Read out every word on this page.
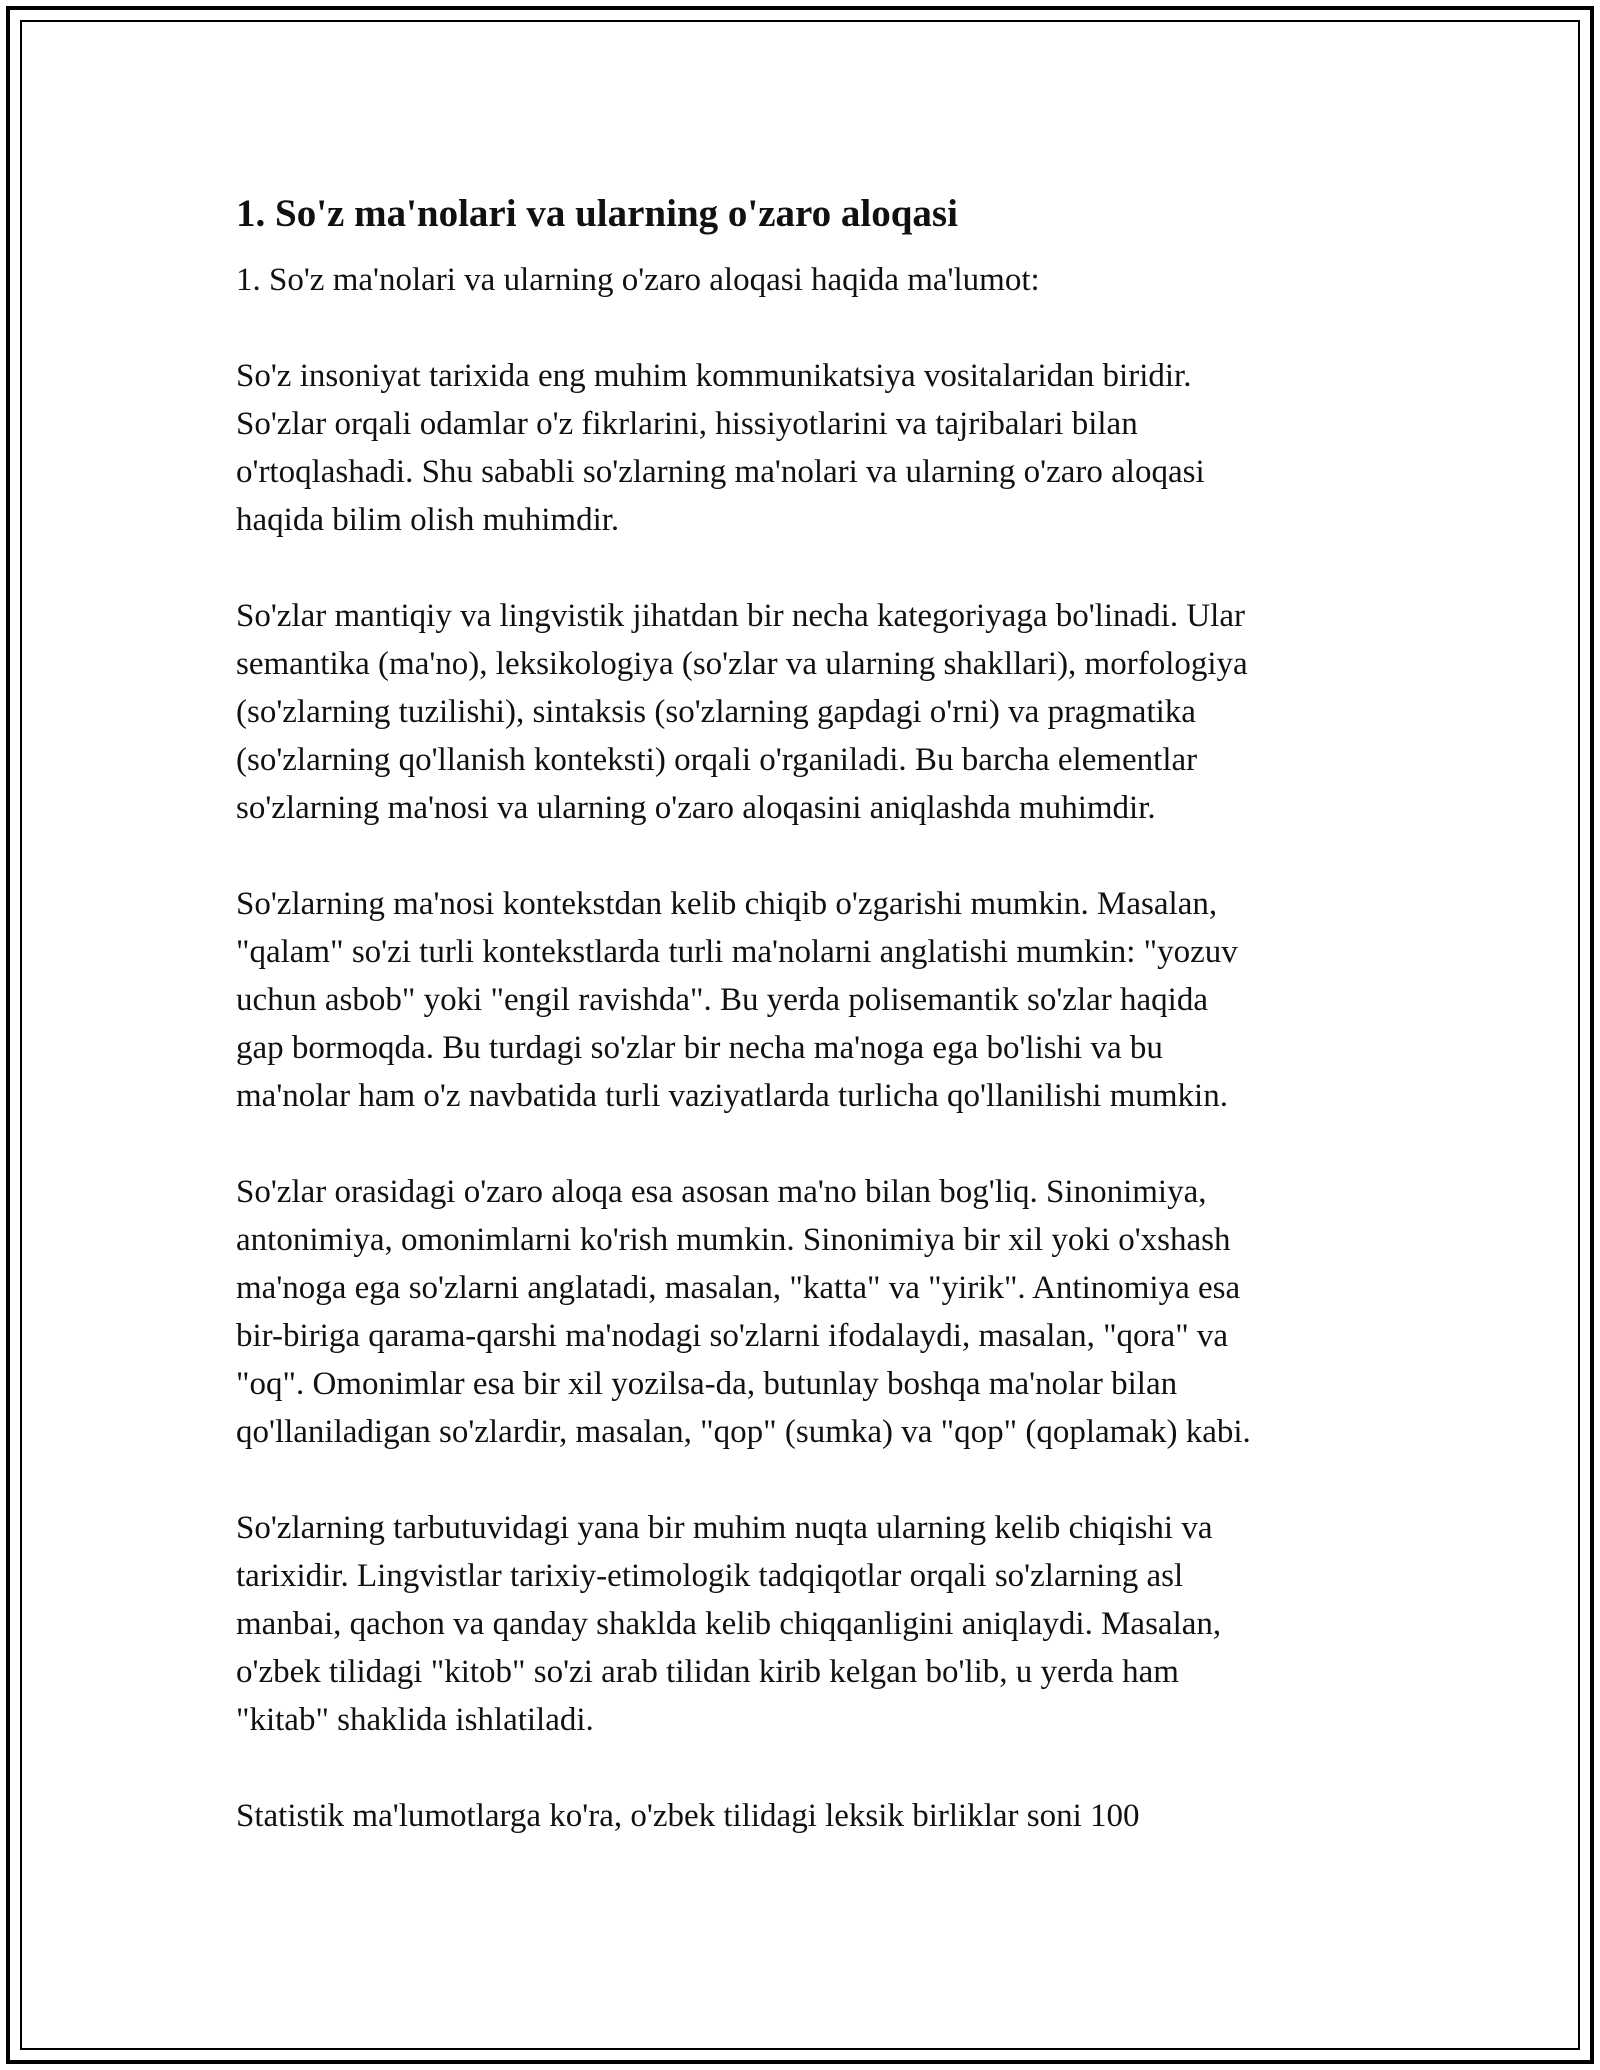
1. So'z ma'nolari va ularning o'zaro aloqasi

1. So'z ma'nolari va ularning o'zaro aloqasi haqida ma'lumot:

So'z insoniyat tarixida eng muhim kommunikatsiya vositalaridan biridir.
So'zlar orqali odamlar o'z fikrlarini, hissiyotlarini va tajribalari bilan
o'rtoqlashadi. Shu sababli so'zlarning ma'nolari va ularning o'zaro aloqasi
haqida bilim olish muhimdir.

So'zlar mantiqiy va lingvistik jihatdan bir necha kategoriyaga bo'linadi. Ular
semantika (ma'no), leksikologiya (so'zlar va ularning shakllari), morfologiya
(so'zlarning tuzilishi), sintaksis (so'zlarning gapdagi o'rni) va pragmatika
(so'zlarning qo'llanish konteksti) orqali o'rganiladi. Bu barcha elementlar
so'zlarning ma'nosi va ularning o'zaro aloqasini aniqlashda muhimdir.

So'zlarning ma'nosi kontekstdan kelib chiqib o'zgarishi mumkin. Masalan,
"qalam" so'zi turli kontekstlarda turli ma'nolarni anglatishi mumkin: "yozuv
uchun asbob" yoki "engil ravishda". Bu yerda polisemantik so'zlar haqida
gap bormoqda. Bu turdagi so'zlar bir necha ma'noga ega bo'lishi va bu
ma'nolar ham o'z navbatida turli vaziyatlarda turlicha qo'llanilishi mumkin.

So'zlar orasidagi o'zaro aloqa esa asosan ma'no bilan bog'liq. Sinonimiya,
antonimiya, omonimlarni ko'rish mumkin. Sinonimiya bir xil yoki o'xshash
ma'noga ega so'zlarni anglatadi, masalan, "katta" va "yirik". Antinomiya esa
bir-biriga qarama-qarshi ma'nodagi so'zlarni ifodalaydi, masalan, "qora" va
"oq". Omonimlar esa bir xil yozilsa-da, butunlay boshqa ma'nolar bilan
qo'llaniladigan so'zlardir, masalan, "qop" (sumka) va "qop" (qoplamak) kabi.

So'zlarning tarbutuvidagi yana bir muhim nuqta ularning kelib chiqishi va
tarixidir. Lingvistlar tarixiy-etimologik tadqiqotlar orqali so'zlarning asl
manbai, qachon va qanday shaklda kelib chiqqanligini aniqlaydi. Masalan,
o'zbek tilidagi "kitob" so'zi arab tilidan kirib kelgan bo'lib, u yerda ham
"kitab" shaklida ishlatiladi.

Statistik ma'lumotlarga ko'ra, o'zbek tilidagi leksik birliklar soni 100
